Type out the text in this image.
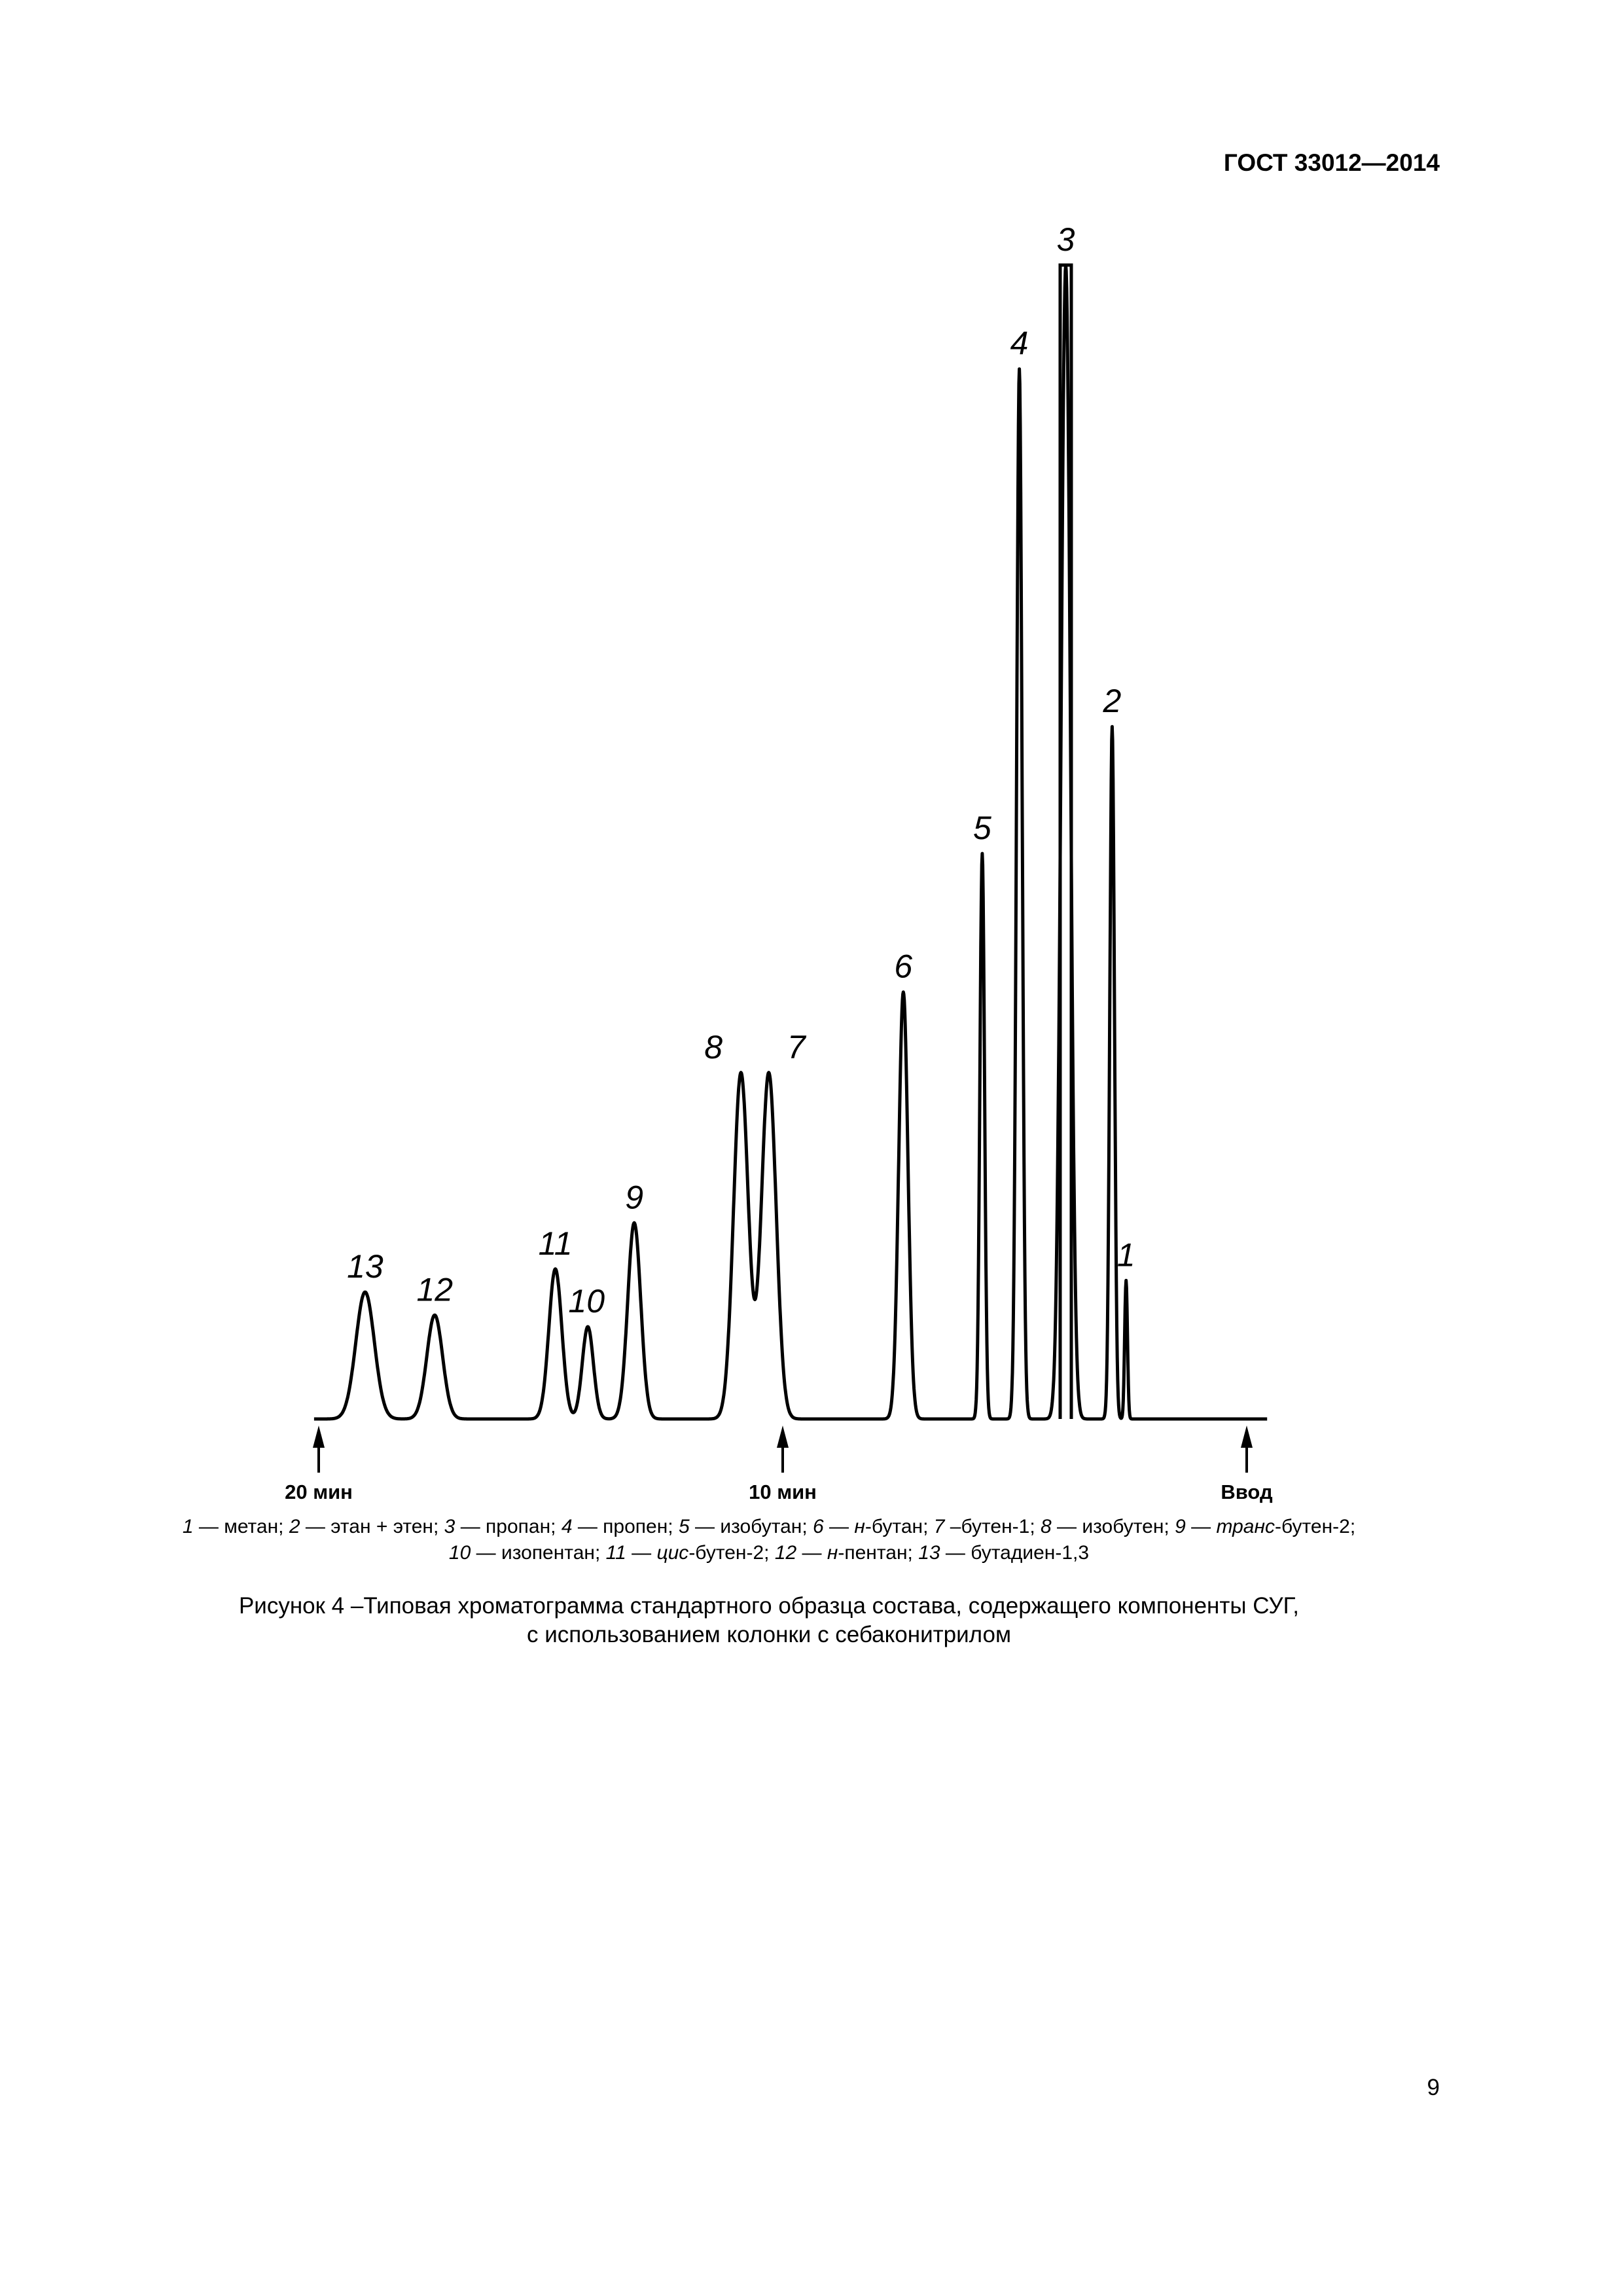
ГОСТ 33012—2014
Ввод
10 мин
20 мин
1
2
3
4
5
6
7
8
9
10
11
12
13
1 — метан; 2 — этан + этен; 3 — пропан; 4 — пропен; 5 — изобутан; 6 — н-бутан; 7 –бутен-1; 8 — изобутен; 9 — транс-бутен-2;
10 — изопентан; 11 — цис-бутен-2; 12 — н-пентан; 13 — бутадиен-1,3
Рисунок 4 –Типовая хроматограмма стандартного образца состава, содержащего компоненты СУГ,
с использованием колонки с себаконитрилом
9
